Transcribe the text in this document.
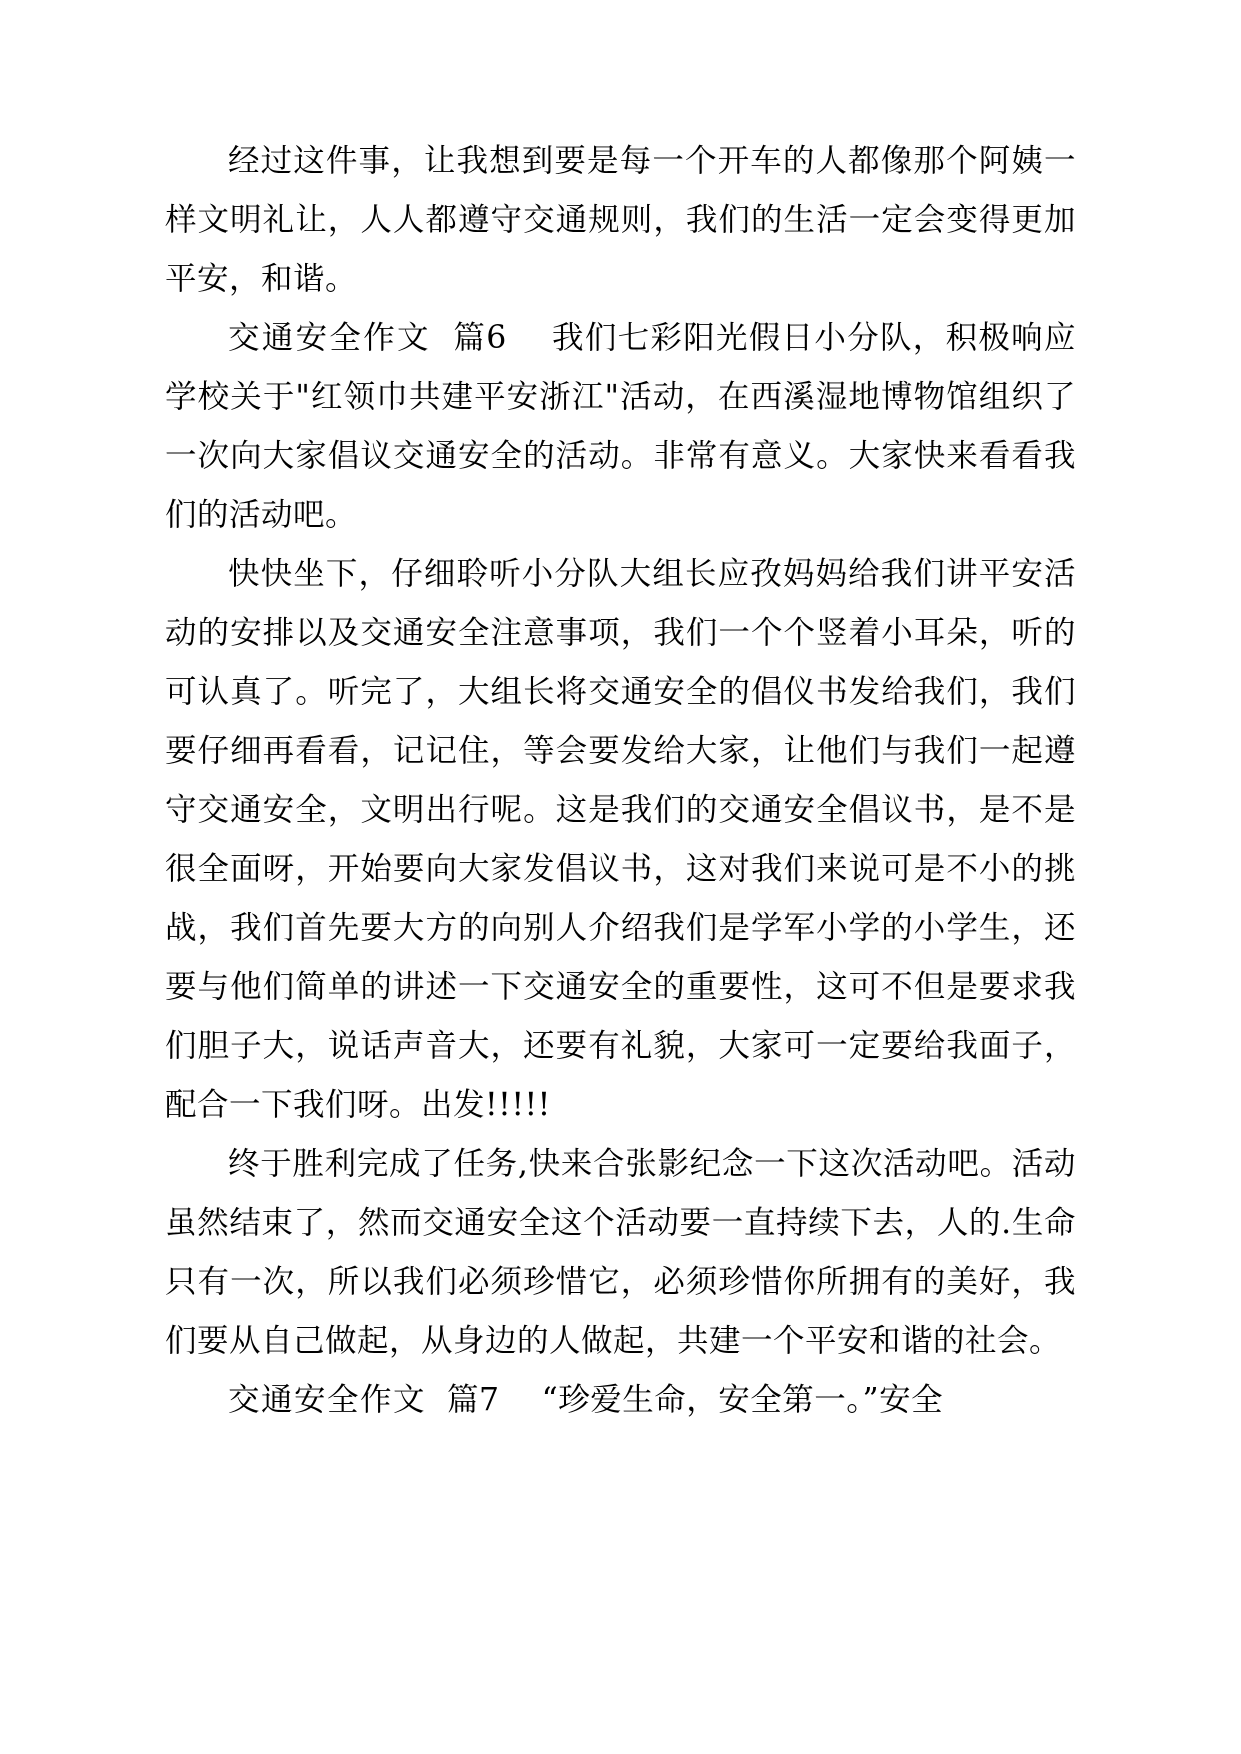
经过这件事，让我想到要是每一个开车的人都像那个阿姨一样文明礼让，人人都遵守交通规则，我们的生活一定会变得更加平安，和谐。

交通安全作文 篇6 我们七彩阳光假日小分队，积极响应学校关于"红领巾共建平安浙江"活动，在西溪湿地博物馆组织了一次向大家倡议交通安全的活动。非常有意义。大家快来看看我们的活动吧。

快快坐下，仔细聆听小分队大组长应孜妈妈给我们讲平安活动的安排以及交通安全注意事项，我们一个个竖着小耳朵，听的可认真了。听完了，大组长将交通安全的倡仪书发给我们，我们要仔细再看看，记记住，等会要发给大家，让他们与我们一起遵守交通安全，文明出行呢。这是我们的交通安全倡议书，是不是很全面呀，开始要向大家发倡议书，这对我们来说可是不小的挑战，我们首先要大方的向别人介绍我们是学军小学的小学生，还要与他们简单的讲述一下交通安全的重要性，这可不但是要求我们胆子大，说话声音大，还要有礼貌，大家可一定要给我面子，配合一下我们呀。出发!!!!!

终于胜利完成了任务,快来合张影纪念一下这次活动吧。活动虽然结束了，然而交通安全这个活动要一直持续下去，人的.生命只有一次，所以我们必须珍惜它，必须珍惜你所拥有的美好，我们要从自己做起，从身边的人做起，共建一个平安和谐的社会。

交通安全作文 篇7 “珍爱生命，安全第一。”安全
